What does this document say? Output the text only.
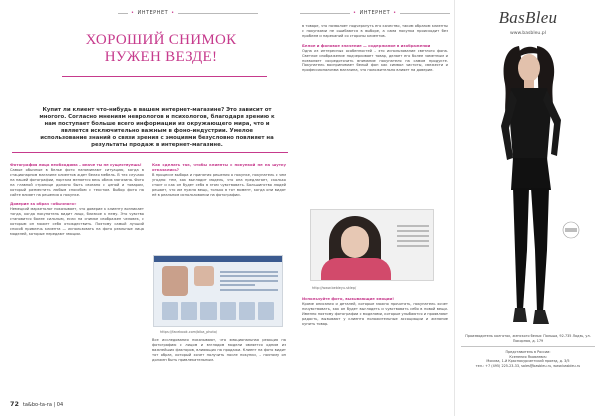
• ИНТЕРНЕТ •	• ИНТЕРНЕТ •
ХОРОШИЙ СНИМОК
НУЖЕН ВЕЗДЕ!
Купит ли клиент что-нибудь в вашем интернет-магазине? Это зависит от многого. Согласно мнениям неврологов и психологов, благодаря зрению к нам поступает больше всего информации из окружающего мира, что и является исключительно важным в фоно-индустрии. Умелое использование знаний о связи зрения с эмоциями безусловно повлияет на результаты продаж в интернет-магазине.
Фотография лица необходима – иначе ты не существуешь!
Самые обычные в белье фото напоминают ситуацию, когда в стационарном магазине клиентов ждет белая мебель. В тех случаях на нашей фотографии, портала меняется весь облик магазина. Фото на главной странице должно быть связано с ценой и товаром, который разместить любым способом с текстом. Выбор фото на сайте влияет на решения о покупке.
Доверие за образ «обычного»
Немецкий маркетолог показывает, что доверие к клиенту возникает тогда, когда покупатель видит лицо, близкое к нему. Это чувство становится более сильным, если на снимке изображен человек, с которым он может себя отождествить. Поэтому самый лучший способ привлечь клиента — использовать на фото реальные лица моделей, которые передают эмоции.
Как сделать так, чтобы клиенты с покупкой не на шутку отказались?
В процессе выбора и принятия решения о покупке, покупатель с чем угодно: тем, как выглядит модель, что она предлагает, сколько стоит и как он будет себя в этом чувствовать. Большинство людей решает, что им нужна вещь, только в тот момент, когда они видят её в реальном использовании на фотографии.
https://facebook.com/biba_photo/
Все исследования показывают, что эмоциональная реакция на фотографию с лицом и взглядом модели является одним из важнейших факторов, влияющих на продажи. Клиент на фото видит тот образ, который хочет получить после покупки, – поэтому он должен быть привлекательным.
72 ta&bo-ta-ra | 04
в товаре, что позволяет подчеркнуть его качество, таким образом клиенты с покупками не ошибаются в выборе, а сама покупка происходит без проблем и нареканий со стороны клиентов.
Белое и фоновое значение — содержание в изображении
Одна из интересных особенностей – это использование светлого фона. Светлое изображение подчеркивает товар, делает его более заметным и позволяет сосредоточить внимание покупателя на самом продукте. Покупатель воспринимает белый фон как символ чистоты, свежести и профессионализма магазина, что положительно влияет на доверие.
http://www.bebleyu.sklep/
Используйте фото, вызывающие эмоции!
Кроме описания и деталей, которые можно прочитать, покупатель хочет почувствовать, как он будет выглядеть и чувствовать себя в новой вещи. Именно поэтому фотографии с моделями, которые улыбаются и проявляют радость, вызывают у клиента положительные ассоциации и желание купить товар.
BasBleu
www.basbleu.pl
Производитель колготок, женского белья: Польша, 92-735 Лодзь, ул. Покорная, д. 179
Представитель в России:
Ксенения Яковлевич
Москва, 1-й Краснокурсантский проезд, д. 3/5
тел.: +7 (495) 225-23-33, sales@basbleu.ru, www.basbleu.ru
